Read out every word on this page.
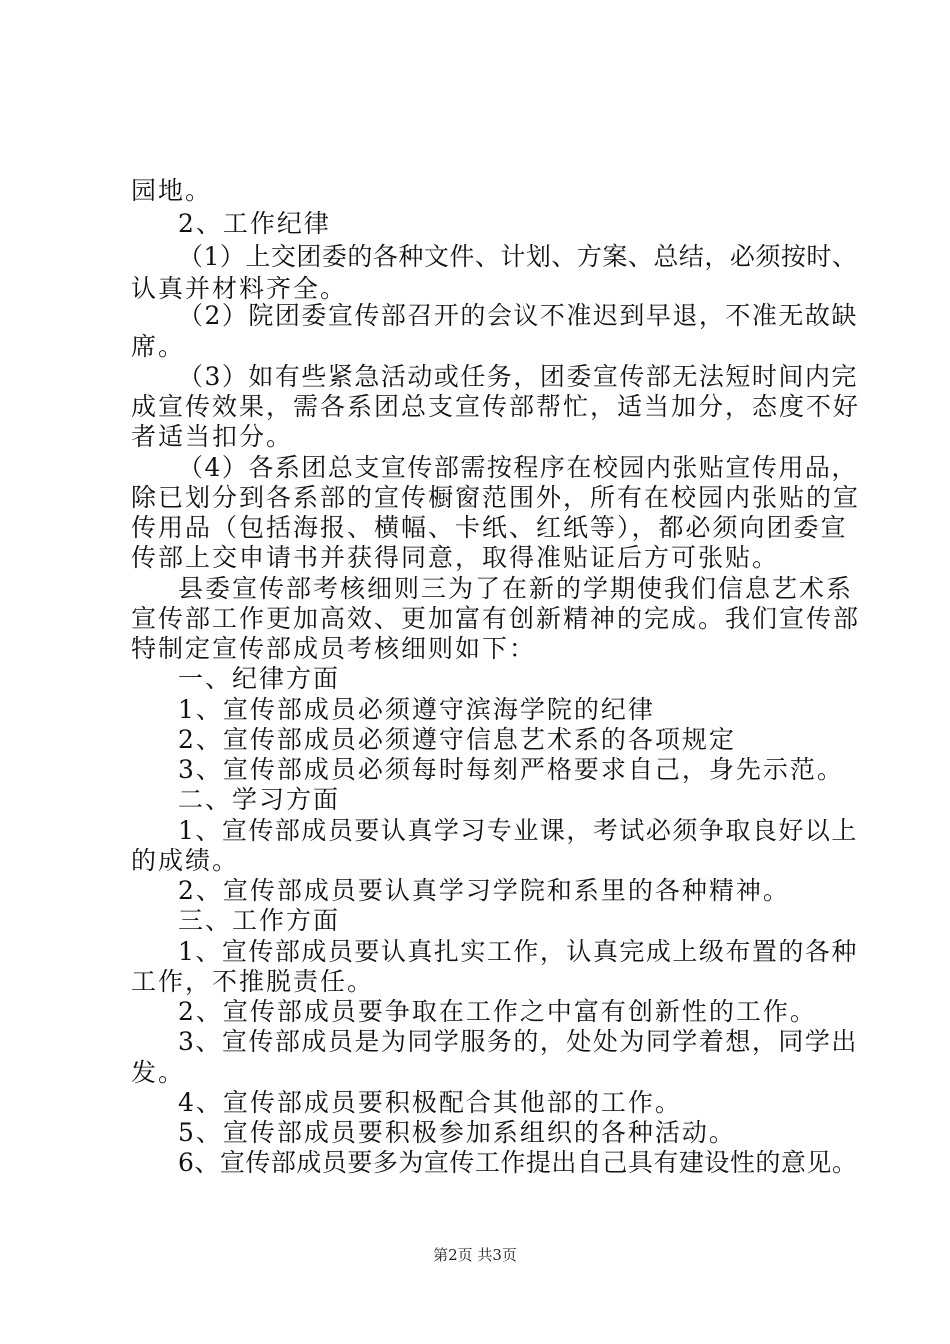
园地。
2、工作纪律
（1）上交团委的各种文件、计划、方案、总结，必须按时、
认真并材料齐全。
（2）院团委宣传部召开的会议不准迟到早退，不准无故缺
席。
（3）如有些紧急活动或任务，团委宣传部无法短时间内完
成宣传效果，需各系团总支宣传部帮忙，适当加分，态度不好
者适当扣分。
（4）各系团总支宣传部需按程序在校园内张贴宣传用品，
除已划分到各系部的宣传橱窗范围外，所有在校园内张贴的宣
传用品（包括海报、横幅、卡纸、红纸等），都必须向团委宣
传部上交申请书并获得同意，取得准贴证后方可张贴。
县委宣传部考核细则三为了在新的学期使我们信息艺术系
宣传部工作更加高效、更加富有创新精神的完成。我们宣传部
特制定宣传部成员考核细则如下：
一、纪律方面
1、宣传部成员必须遵守滨海学院的纪律
2、宣传部成员必须遵守信息艺术系的各项规定
3、宣传部成员必须每时每刻严格要求自己，身先示范。
二、学习方面
1、宣传部成员要认真学习专业课，考试必须争取良好以上
的成绩。
2、宣传部成员要认真学习学院和系里的各种精神。
三、工作方面
1、宣传部成员要认真扎实工作，认真完成上级布置的各种
工作，不推脱责任。
2、宣传部成员要争取在工作之中富有创新性的工作。
3、宣传部成员是为同学服务的，处处为同学着想，同学出
发。
4、宣传部成员要积极配合其他部的工作。
5、宣传部成员要积极参加系组织的各种活动。
6、宣传部成员要多为宣传工作提出自己具有建设性的意见。
第2页 共3页
